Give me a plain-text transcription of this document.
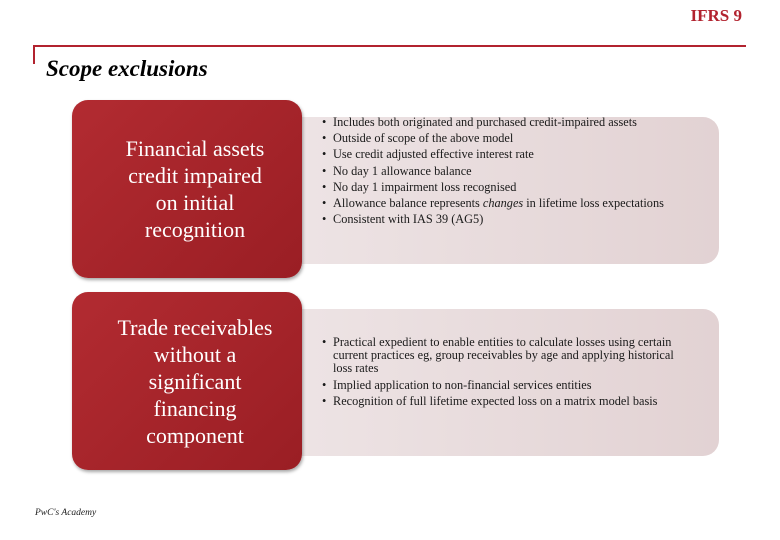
IFRS 9
Scope exclusions
Financial assets
credit impaired
on initial
recognition
• Includes both originated and purchased credit-impaired assets
• Outside of scope of the above model
• Use credit adjusted effective interest rate
• No day 1 allowance balance
• No day 1 impairment loss recognised
• Allowance balance represents changes in lifetime loss expectations
• Consistent with IAS 39 (AG5)
Trade receivables
without a
significant
financing
component
• Practical expedient to enable entities to calculate losses using certain current practices eg, group receivables by age and applying historical loss rates
• Implied application to non-financial services entities
• Recognition of full lifetime expected loss on a matrix model basis
PwC's Academy
